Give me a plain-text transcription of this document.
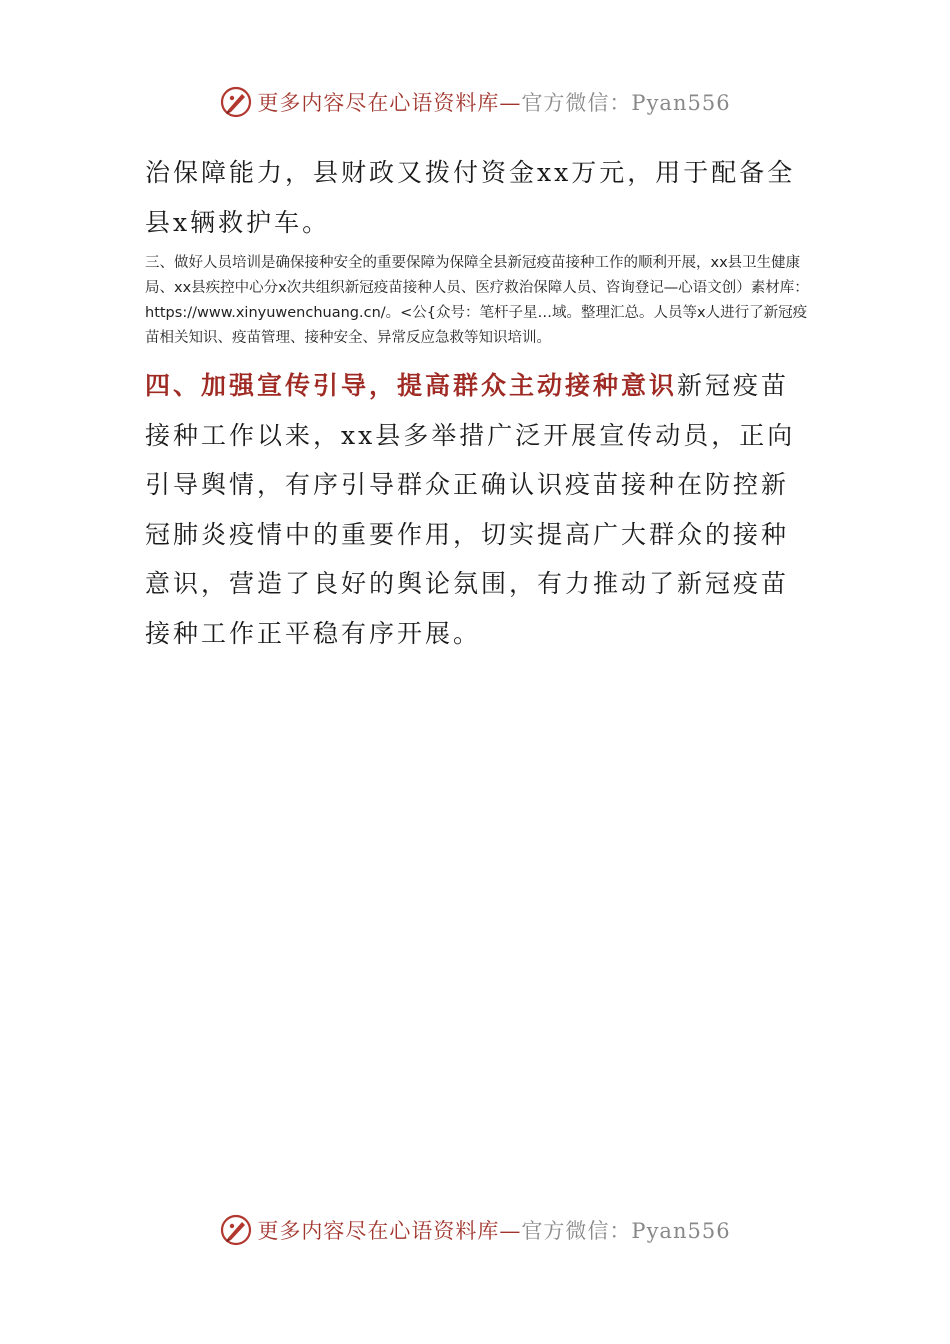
更多内容尽在心语资料库—官方微信：Pyan556

治保障能力，县财政又拨付资金xx万元，用于配备全县x辆救护车。

三、做好人员培训是确保接种安全的重要保障为保障全县新冠疫苗接种工作的顺利开展，xx县卫生健康局、xx县疾控中心分x次共组织新冠疫苗接种人员、医疗救治保障人员、咨询登记—心语文创）素材库：https://www.xinyuwenchuang.cn/。<公{众号：笔杆子星…域。整理汇总。人员等x人进行了新冠疫苗相关知识、疫苗管理、接种安全、异常反应急救等知识培训。

四、加强宣传引导，提高群众主动接种意识新冠疫苗接种工作以来，xx县多举措广泛开展宣传动员，正向引导舆情，有序引导群众正确认识疫苗接种在防控新冠肺炎疫情中的重要作用，切实提高广大群众的接种意识，营造了良好的舆论氛围，有力推动了新冠疫苗接种工作正平稳有序开展。

更多内容尽在心语资料库—官方微信：Pyan556
